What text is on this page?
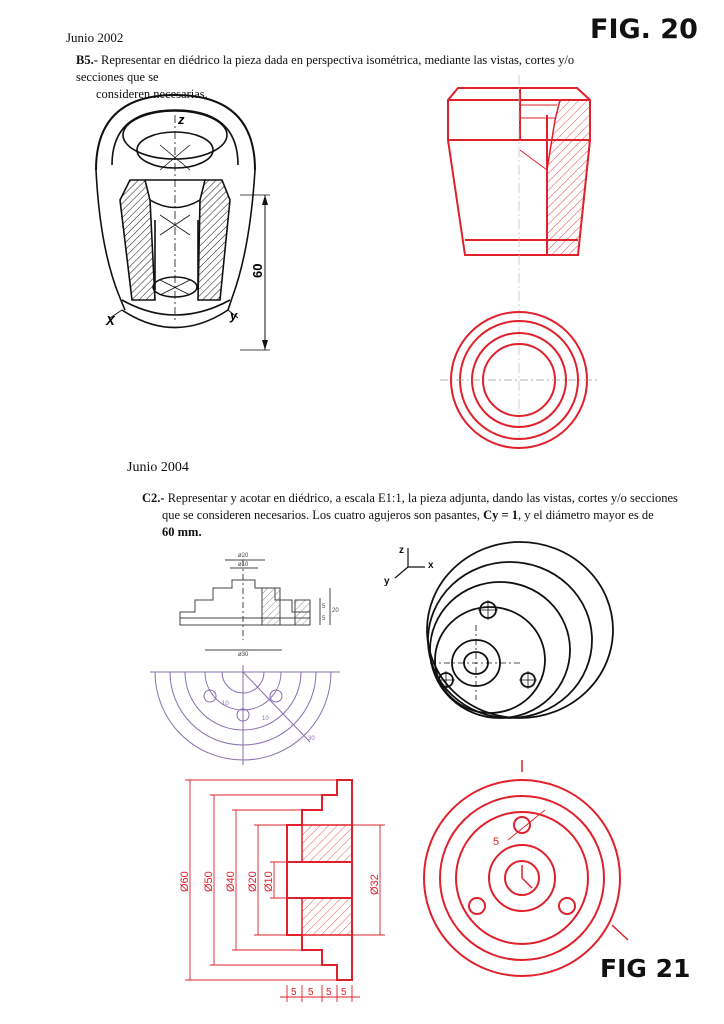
Junio 2002	FIG. 20
B5.- Representar en diédrico la pieza dada en perspectiva isométrica, mediante las vistas, cortes y/o secciones que se
consideren necesarias.
Junio 2004
C2.- Representar y acotar en diédrico, a escala E1:1, la pieza adjunta, dando las vistas, cortes y/o secciones
que se consideren necesarios. Los cuatro agujeros son pasantes, Cy = 1, y el diámetro mayor es de
60 mm.
z
X	y
60
ø20
ø10
ø30
5
5
20
10
30
10
z
x
y
Ø60 Ø50 Ø40 Ø20 Ø10	Ø32
5 5 5 5
5
FIG 21
